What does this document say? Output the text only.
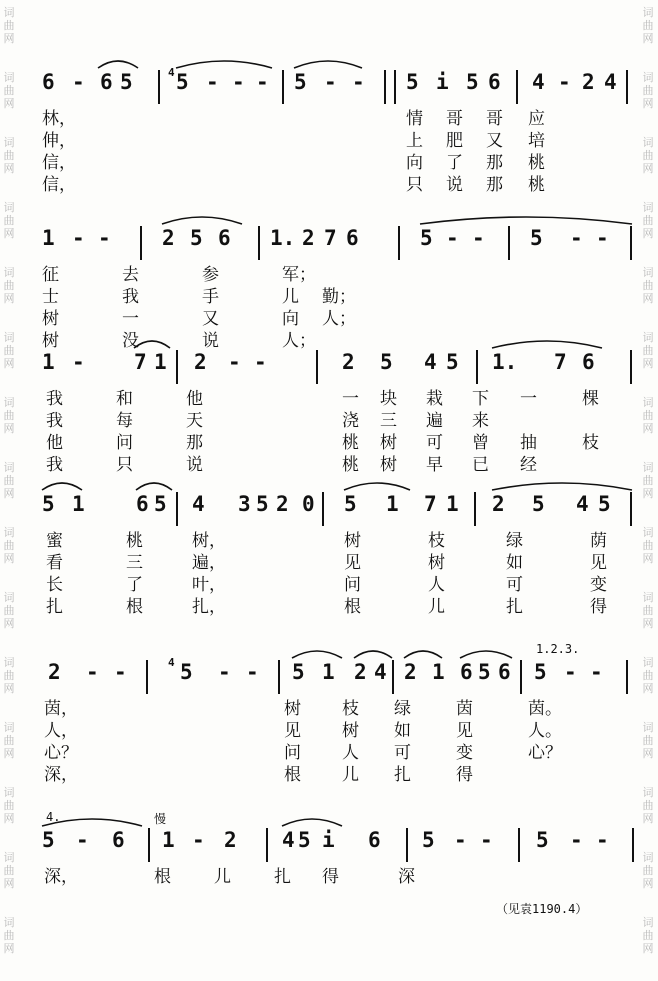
词
曲
网
词
曲
网
词
曲
网
词
曲
网
词
曲
网
词
曲
网
词
曲
网
词
曲
网
词
曲
网
词
曲
网
词
曲
网
词
曲
网
词
曲
网
词
曲
网
词
曲
网
词
曲
网
词
曲
网
词
曲
网
词
曲
网
词
曲
网
词
曲
网
词
曲
网
词
曲
网
词
曲
网
词
曲
网
词
曲
网
词
曲
网
词
曲
网
词
曲
网
词
曲
网
6 - 6 5	4 5 - - - 5 - - 5 i 5 6 4 - 2 4
林，	情 哥 哥 应
伸，	上 肥 又 培
信，	向 了 那 桃
信，	只 说 那 桃
1 - - 2 5 6 1. 2 7 6	5 - - 5 - -
征	去	参	军；
士	我	手	儿 勤；
树	一	又	向 人；
树	没	说	人；
1 - 7 1 2 - -	2 5 4 5 1. 7 6
我	和	他	一 块 栽 下 一	棵
我	每	天	浇 三 遍 来
他	问	那	桃 树 可 曾 抽	枝
我	只	说	桃 树 早 已 经
5 1 6 5 4 3 5 2 0 5 1 7 1 2 5 4 5
蜜	桃	树，	树	枝	绿	荫
看	三	遍，	见	树	如	见
长	了	叶，	问	人	可	变
扎	根	扎，	根	儿	扎	得
2 - -	4 5 - - 5 1 2 4 2 1 6 5 6 5 - -
1.2.3.
茵，	树 枝 绿	茵	茵。
人，	见 树 如	见	人。
心？	问 人 可	变	心？
深，	根 儿 扎	得
5 - 6 1 - 2 4 5 i 6 5 - - 5 - -
4.	慢
深，	根	儿	扎 得	深
（见袁1190.4）
